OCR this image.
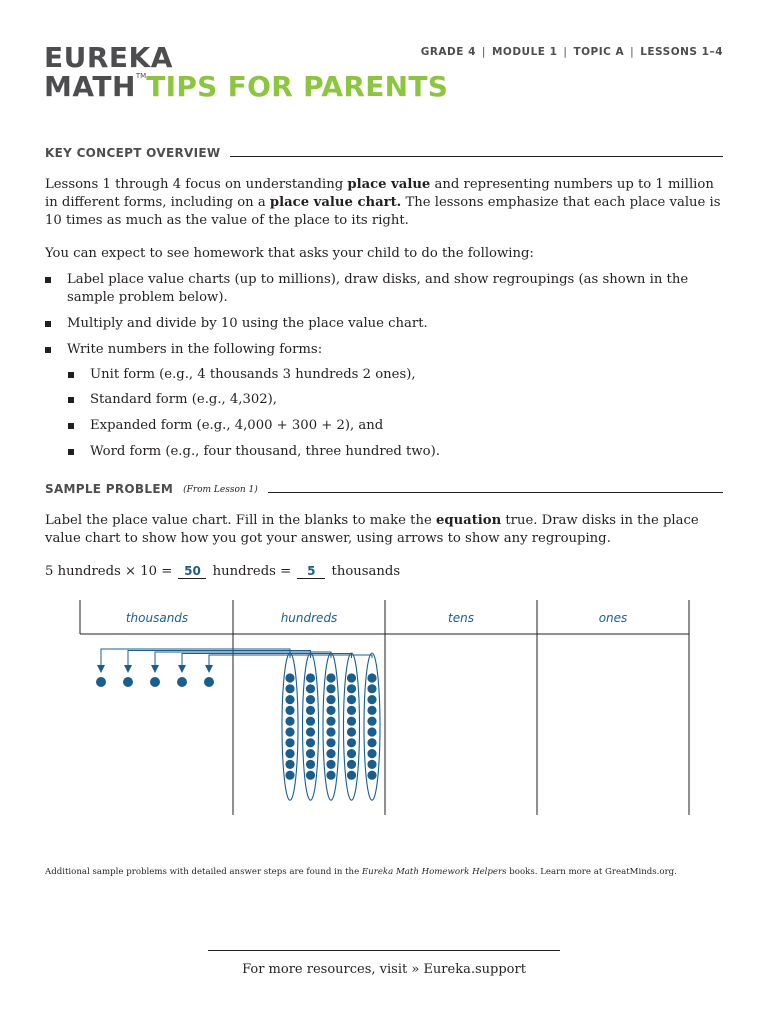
EUREKA
MATH™TIPS FOR PARENTS
GRADE 4 | MODULE 1 | TOPIC A | LESSONS 1–4
KEY CONCEPT OVERVIEW

Lessons 1 through 4 focus on understanding place value and representing numbers up to 1 million in different forms, including on a place value chart. The lessons emphasize that each place value is 10 times as much as the value of the place to its right.

You can expect to see homework that asks your child to do the following:

Label place value charts (up to millions), draw disks, and show regroupings (as shown in the sample problem below).
Multiply and divide by 10 using the place value chart.
Write numbers in the following forms:
Unit form (e.g., 4 thousands 3 hundreds 2 ones),
Standard form (e.g., 4,302),
Expanded form (e.g., 4,000 + 300 + 2), and
Word form (e.g., four thousand, three hundred two).
SAMPLE PROBLEM (From Lesson 1)

Label the place value chart. Fill in the blanks to make the equation true. Draw disks in the place value chart to show how you got your answer, using arrows to show any regrouping.

5 hundreds × 10 = 50 hundreds = 5 thousands
thousands	hundreds	tens	ones
Additional sample problems with detailed answer steps are found in the Eureka Math Homework Helpers books. Learn more at GreatMinds.org.
For more resources, visit » Eureka.support
